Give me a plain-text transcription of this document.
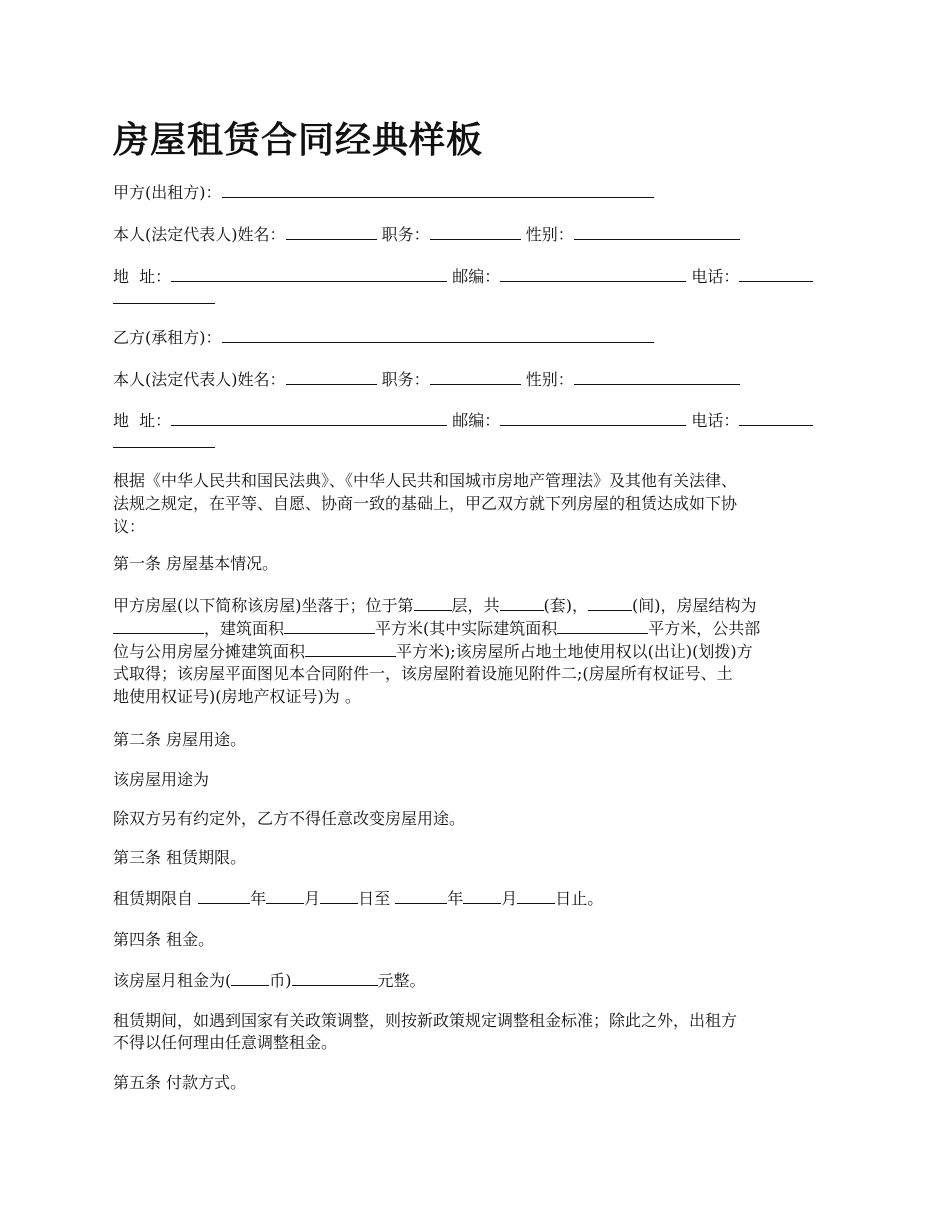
房屋租赁合同经典样板
甲方(出租方)：
本人(法定代表人)姓名：	职务：	性别：
地  址：	邮编：	电话：
乙方(承租方)：
本人(法定代表人)姓名：	职务：	性别：
地  址：	邮编：	电话：
根据《中华人民共和国民法典》、《中华人民共和国城市房地产管理法》及其他有关法律、
法规之规定，在平等、自愿、协商一致的基础上，甲乙双方就下列房屋的租赁达成如下协
议：
第一条 房屋基本情况。
甲方房屋(以下简称该房屋)坐落于；位于第 层，共	(套)，	(间)，房屋结构为
，建筑面积	平方米(其中实际建筑面积	平方米，公共部
位与公用房屋分摊建筑面积	平方米);该房屋所占地土地使用权以(出让)(划拨)方
式取得；该房屋平面图见本合同附件一，该房屋附着设施见附件二;(房屋所有权证号、土
地使用权证号)(房地产权证号)为 。
第二条 房屋用途。
该房屋用途为
除双方另有约定外，乙方不得任意改变房屋用途。
第三条 租赁期限。
租赁期限自	年 月 日至	年 月 日止。
第四条 租金。
该房屋月租金为( 币)	元整。
租赁期间，如遇到国家有关政策调整，则按新政策规定调整租金标准；除此之外，出租方
不得以任何理由任意调整租金。
第五条 付款方式。
